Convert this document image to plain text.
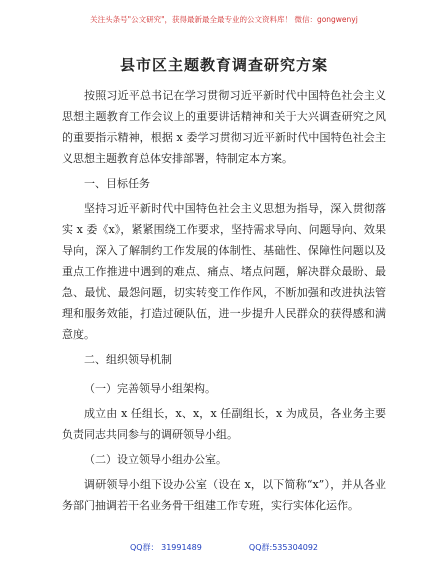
关注头条号"公文研究"，获得最新最全最专业的公文资料库！ 微信：gongwenyj
县市区主题教育调查研究方案

按照习近平总书记在学习贯彻习近平新时代中国特色社会主义思想主题教育工作会议上的重要讲话精神和关于大兴调查研究之风的重要指示精神，根据 x 委学习贯彻习近平新时代中国特色社会主义思想主题教育总体安排部署，特制定本方案。

一、目标任务

坚持习近平新时代中国特色社会主义思想为指导，深入贯彻落实 x 委《x》，紧紧围绕工作要求，坚持需求导向、问题导向、效果导向，深入了解制约工作发展的体制性、基础性、保障性问题以及重点工作推进中遇到的难点、痛点、堵点问题，解决群众最盼、最急、最忧、最怨问题，切实转变工作作风，不断加强和改进执法管理和服务效能，打造过硬队伍，进一步提升人民群众的获得感和满意度。

二、组织领导机制

（一）完善领导小组架构。

成立由 x 任组长，x、x，x 任副组长，x 为成员，各业务主要负责同志共同参与的调研领导小组。

（二）设立领导小组办公室。

调研领导小组下设办公室（设在 x，以下简称“x”），并从各业务部门抽调若干名业务骨干组建工作专班，实行实体化运作。

QQ群： 31991489	QQ群:535304092
